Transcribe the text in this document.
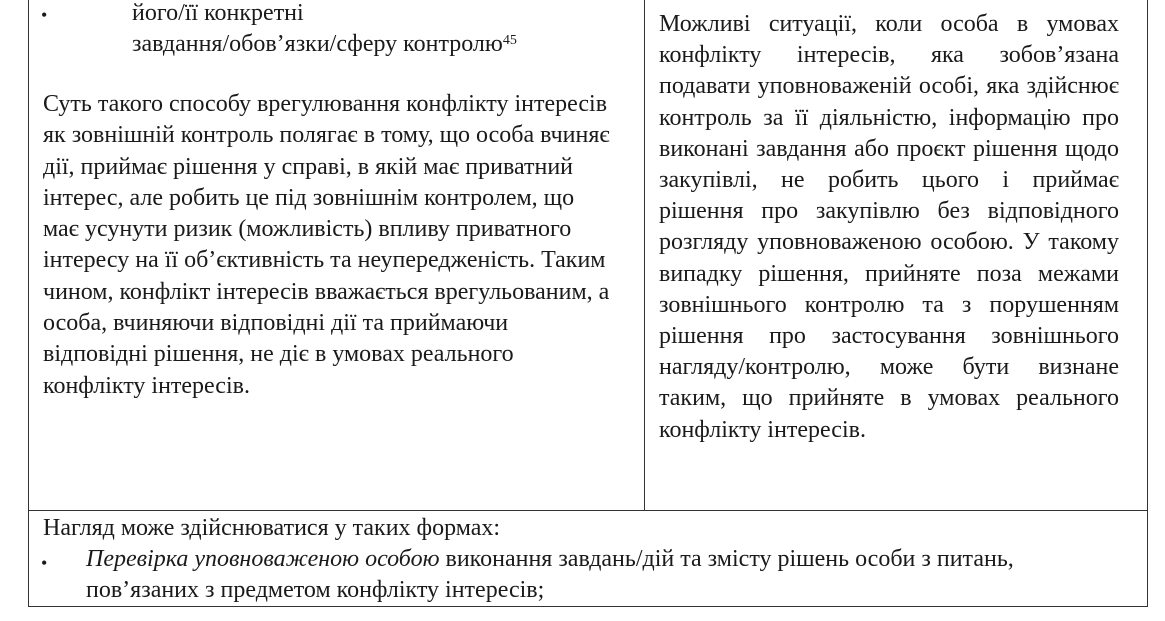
•	його/її конкретні
завдання/обов’язки/сферу контролю$^{45}$
Суть такого способу врегулювання конфлікту інтересів як зовнішній контроль полягає в тому, що особа вчиняє дії, приймає рішення у справі, в якій має приватний інтерес, але робить це під зовнішнім контролем, що має усунути ризик (можливість) впливу приватного інтересу на її об’єктивність та неупередженість. Таким чином, конфлікт інтересів вважається врегульованим, а особа, вчиняючи відповідні дії та приймаючи відповідні рішення, не діє в умовах реального конфлікту інтересів.
Можливі ситуації, коли особа в умовах конфлікту інтересів, яка зобов’язана подавати уповноваженій особі, яка здійснює контроль за її діяльністю, інформацію про виконані завдання або проєкт рішення щодо закупівлі, не робить цього і приймає рішення про закупівлю без відповідного розгляду уповноваженою особою. У такому випадку рішення, прийняте поза межами зовнішнього контролю та з порушенням рішення про застосування зовнішнього нагляду/контролю, може бути визнане таким, що прийняте в умовах реального конфлікту інтересів.
Нагляд може здійснюватися у таких формах:
• Перевірка уповноваженою особою виконання завдань/дій та змісту рішень особи з питань, пов’язаних з предметом конфлікту інтересів;
